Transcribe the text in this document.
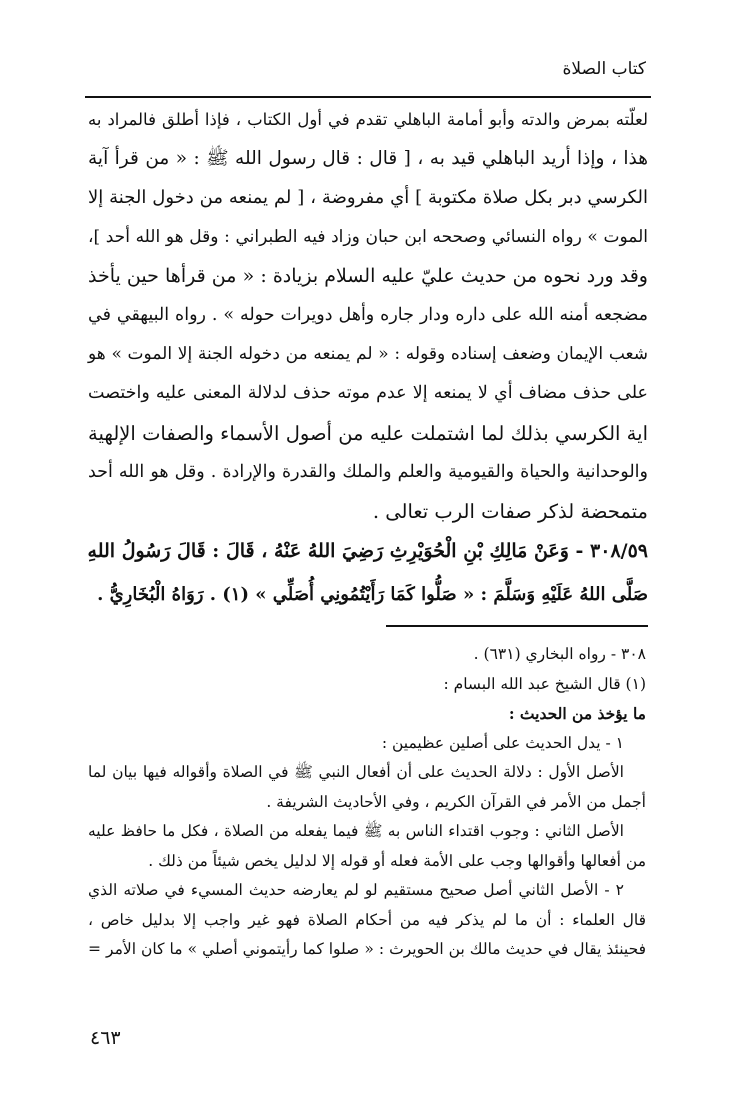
كتاب الصلاة
لعلّته بمرض والدته وأبو أمامة الباهلي تقدم في أول الكتاب ، فإذا أطلق فالمراد به
هذا ، وإذا أريد الباهلي قيد به ، [ قال : قال رسول الله ﷺ : « من قرأ آية
الكرسي دبر بكل صلاة مكتوبة ] أي مفروضة ، [ لم يمنعه من دخول الجنة إلا
الموت » رواه النسائي وصححه ابن حبان وزاد فيه الطبراني : وقل هو الله أحد ]،
وقد ورد نحوه من حديث عليّ عليه السلام بزيادة : « من قرأها حين يأخذ
مضجعه أمنه الله على داره ودار جاره وأهل دويرات حوله » . رواه البيهقي في
شعب الإيمان وضعف إسناده وقوله : « لم يمنعه من دخوله الجنة إلا الموت » هو
على حذف مضاف أي لا يمنعه إلا عدم موته حذف لدلالة المعنى عليه واختصت
اية الكرسي بذلك لما اشتملت عليه من أصول الأسماء والصفات الإلهية
والوحدانية والحياة والقيومية والعلم والملك والقدرة والإرادة . وقل هو الله أحد
متمحضة لذكر صفات الرب تعالى .
٣٠٨/٥٩ - وَعَنْ مَالِكِ بْنِ الْحُوَيْرِثِ رَضِيَ اللهُ عَنْهُ ، قَالَ : قَالَ رَسُولُ اللهِ
صَلَّى اللهُ عَلَيْهِ وَسَلَّمَ : « صَلُّوا كَمَا رَأَيْتُمُونِي أُصَلِّي » (١) . رَوَاهُ الْبُخَارِيُّ .
٣٠٨ - رواه البخاري (٦٣١) .
(١) قال الشيخ عبد الله البسام :
ما يؤخذ من الحديث :
١ - يدل الحديث على أصلين عظيمين :
الأصل الأول : دلالة الحديث على أن أفعال النبي ﷺ في الصلاة وأقواله فيها بيان لما
أجمل من الأمر في القرآن الكريم ، وفي الأحاديث الشريفة .
الأصل الثاني : وجوب اقتداء الناس به ﷺ فيما يفعله من الصلاة ، فكل ما حافظ عليه
من أفعالها وأقوالها وجب على الأمة فعله أو قوله إلا لدليل يخص شيئاً من ذلك .
٢ - الأصل الثاني أصل صحيح مستقيم لو لم يعارضه حديث المسيء في صلاته الذي
قال العلماء : أن ما لم يذكر فيه من أحكام الصلاة فهو غير واجب إلا بدليل خاص ،
فحينئذ يقال في حديث مالك بن الحويرث : « صلوا كما رأيتموني أصلي » ما كان الأمر =
٤٦٣
